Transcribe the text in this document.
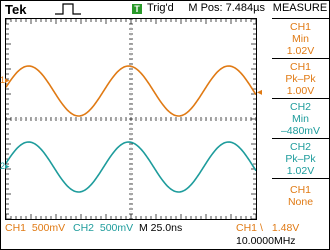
Tek	T Trig'd	M Pos: 7.484µs MEASURE
1▸
2▸
◂
CH1
Min
1.02V
CH1
Pk–Pk
1.00V
CH2
Min
–480mV
CH2
Pk–Pk
1.02V
CH1
None
CH1 500mV CH2 500mV M 25.0ns	CH1 \ 1.48V
10.0000MHz
